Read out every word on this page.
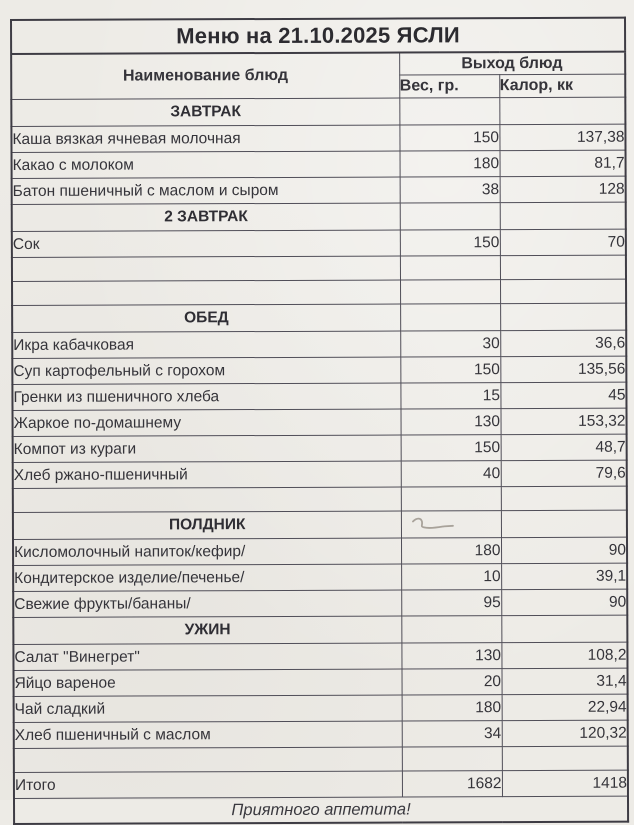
Меню на 21.10.2025 ЯСЛИ		
Наименование блюд	Выход блюд	
	Вес, гр.	Калор, кк
ЗАВТРАК		
Каша вязкая ячневая молочная	150	137,38
Какао с молоком	180	81,7
Батон пшеничный с маслом и сыром	38	128
2 ЗАВТРАК		
Сок	150	70

ОБЕД		
Икра кабачковая	30	36,6
Суп картофельный с горохом	150	135,56
Гренки из пшеничного хлеба	15	45
Жаркое по-домашнему	130	153,32
Компот из кураги	150	48,7
Хлеб ржано-пшеничный	40	79,6

ПОЛДНИК	

Кисломолочный напиток/кефир/	180	90
Кондитерское изделие/печенье/	10	39,1
Свежие фрукты/бананы/	95	90
УЖИН		
Салат "Винегрет"	130	108,2
Яйцо вареное	20	31,4
Чай сладкий	180	22,94
Хлеб пшеничный с маслом	34	120,32

Итого	1682	1418
Приятного аппетита!		
